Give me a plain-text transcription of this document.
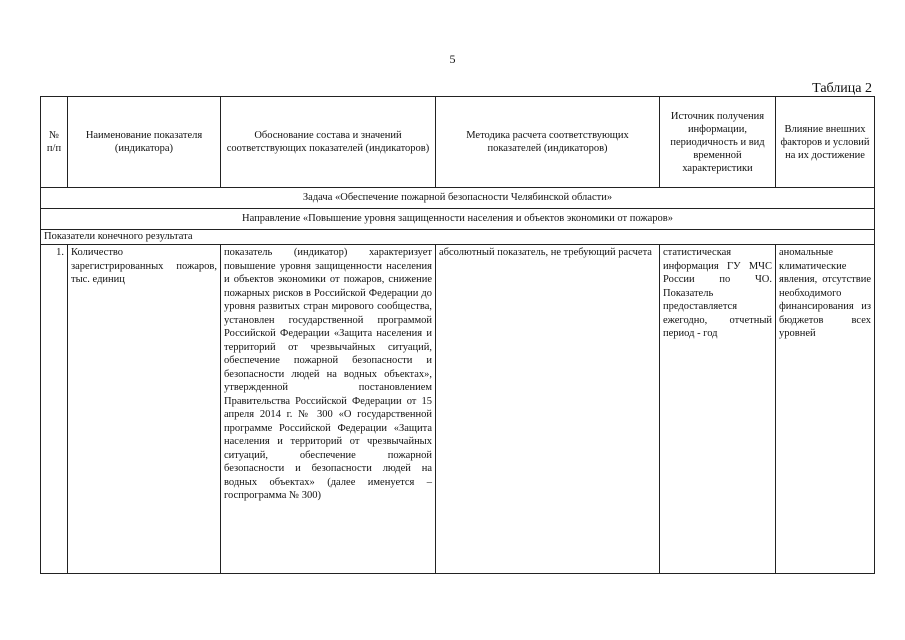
5
Таблица 2
№ п/п	Наименование показателя (индикатора)	Обоснование состава и значений соответствующих показателей (индикаторов)	Методика расчета соответствующих показателей (индикаторов)	Источник получения информации, периодичность и вид временной характеристики	Влияние внешних факторов и условий на их достижение
Задача «Обеспечение пожарной безопасности Челябинской области»					
Направление «Повышение уровня защищенности населения и объектов экономики от пожаров»					
Показатели конечного результата					
1.	Количество зарегистрированных пожаров, тыс. единиц	показатель (индикатор) характеризует повышение уровня защищенности населения и объектов экономики от пожаров, снижение пожарных рисков в Российской Федерации до уровня развитых стран мирового сообщества, установлен государственной программой Российской Федерации «Защита населения и территорий от чрезвычайных ситуаций, обеспечение пожарной безопасности и безопасности людей на водных объектах», утвержденной постановлением Правительства Российской Федерации от 15 апреля 2014 г. № 300 «О государственной программе Российской Федерации «Защита населения и территорий от чрезвычайных ситуаций, обеспечение пожарной безопасности и безопасности людей на водных объектах» (далее именуется – госпрограмма № 300)	абсолютный показатель, не требующий расчета	статистическая информация ГУ МЧС России по ЧО. Показатель предоставляется ежегодно, отчетный период - год	аномальные климатические явления, отсутствие необходимого финансирования из бюджетов всех уровней
